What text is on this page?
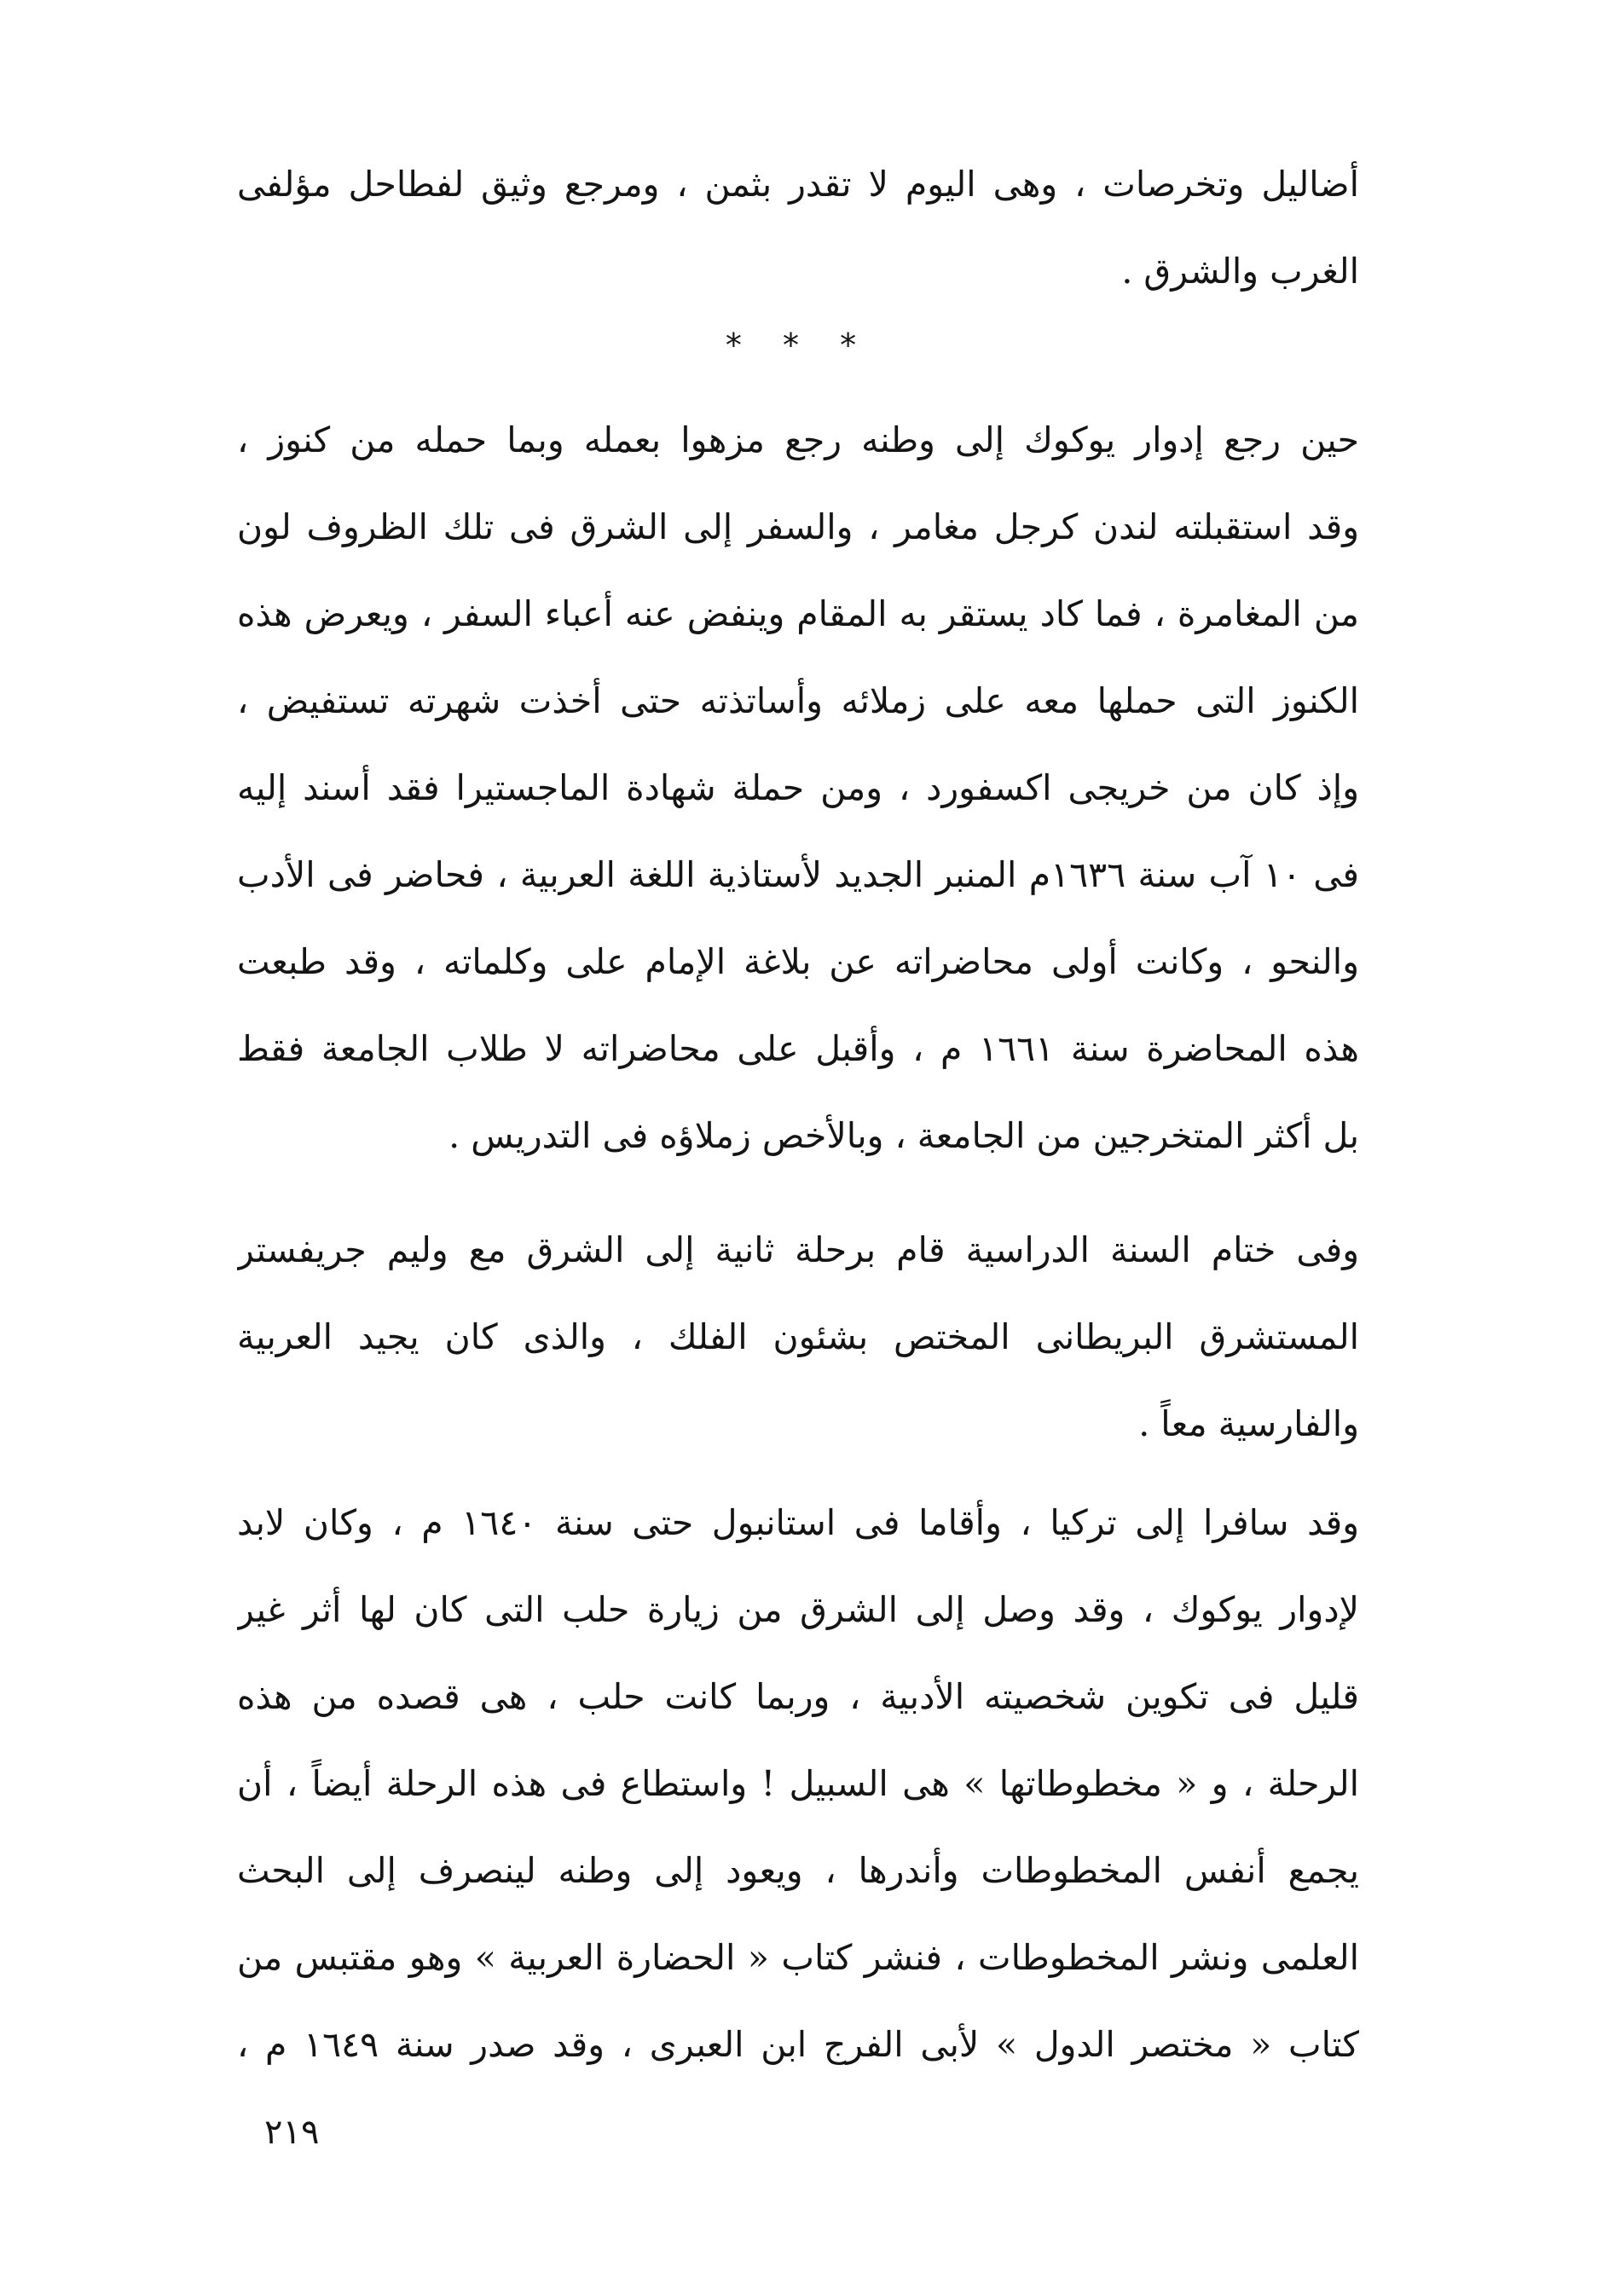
أضاليل وتخرصات ، وهى اليوم لا تقدر بثمن ، ومرجع وثيق لفطاحل مؤلفى
الغرب والشرق .
* * *
حين رجع إدوار يوكوك إلى وطنه رجع مزهوا بعمله وبما حمله من كنوز ،
وقد استقبلته لندن كرجل مغامر ، والسفر إلى الشرق فى تلك الظروف لون
من المغامرة ، فما كاد يستقر به المقام وينفض عنه أعباء السفر ، ويعرض هذه
الكنوز التى حملها معه على زملائه وأساتذته حتى أخذت شهرته تستفيض ،
وإذ كان من خريجى اكسفورد ، ومن حملة شهادة الماجستيرا فقد أسند إليه
فى ١٠ آب سنة ١٦٣٦م المنبر الجديد لأستاذية اللغة العربية ، فحاضر فى الأدب
والنحو ، وكانت أولى محاضراته عن بلاغة الإمام على وكلماته ، وقد طبعت
هذه المحاضرة سنة ١٦٦١ م ، وأقبل على محاضراته لا طلاب الجامعة فقط
بل أكثر المتخرجين من الجامعة ، وبالأخص زملاؤه فى التدريس .
وفى ختام السنة الدراسية قام برحلة ثانية إلى الشرق مع وليم جريفستر
المستشرق البريطانى المختص بشئون الفلك ، والذى كان يجيد العربية
والفارسية معاً .
وقد سافرا إلى تركيا ، وأقاما فى استانبول حتى سنة ١٦٤٠ م ، وكان لابد
لإدوار يوكوك ، وقد وصل إلى الشرق من زيارة حلب التى كان لها أثر غير
قليل فى تكوين شخصيته الأدبية ، وربما كانت حلب ، هى قصده من هذه
الرحلة ، و « مخطوطاتها » هى السبيل ! واستطاع فى هذه الرحلة أيضاً ، أن
يجمع أنفس المخطوطات وأندرها ، ويعود إلى وطنه لينصرف إلى البحث
العلمى ونشر المخطوطات ، فنشر كتاب « الحضارة العربية » وهو مقتبس من
كتاب « مختصر الدول » لأبى الفرج ابن العبرى ، وقد صدر سنة ١٦٤٩ م ،
٢١٩
